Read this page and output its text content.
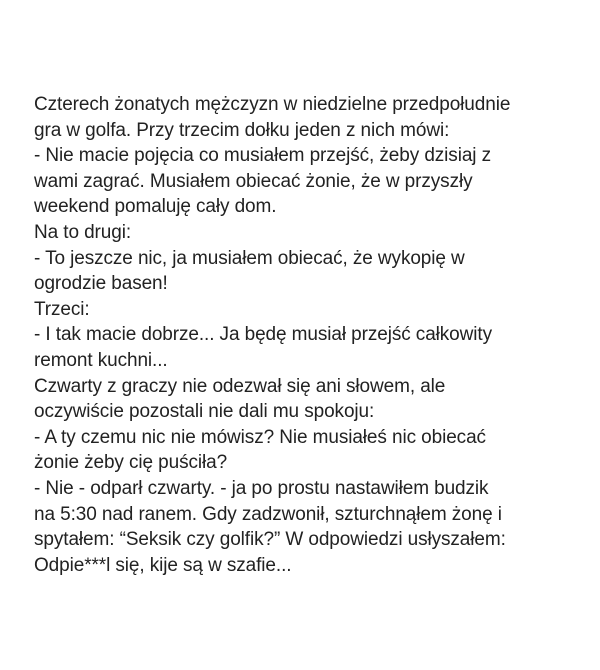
Czterech żonatych mężczyzn w niedzielne przedpołudnie
gra w golfa. Przy trzecim dołku jeden z nich mówi:
- Nie macie pojęcia co musiałem przejść, żeby dzisiaj z
wami zagrać. Musiałem obiecać żonie, że w przyszły
weekend pomaluję cały dom.
Na to drugi:
- To jeszcze nic, ja musiałem obiecać, że wykopię w
ogrodzie basen!
Trzeci:
- I tak macie dobrze... Ja będę musiał przejść całkowity
remont kuchni...
Czwarty z graczy nie odezwał się ani słowem, ale
oczywiście pozostali nie dali mu spokoju:
- A ty czemu nic nie mówisz? Nie musiałeś nic obiecać
żonie żeby cię puściła?
- Nie - odparł czwarty. - ja po prostu nastawiłem budzik
na 5:30 nad ranem. Gdy zadzwonił, szturchnąłem żonę i
spytałem: “Seksik czy golfik?” W odpowiedzi usłyszałem:
Odpie***l się, kije są w szafie...
